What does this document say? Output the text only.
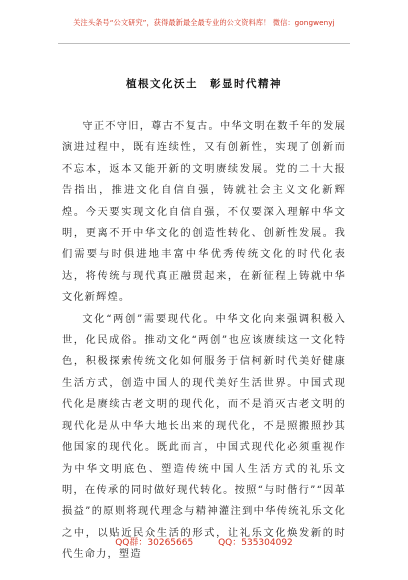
关注头条号“公文研究”，获得最新最全最专业的公文资料库！ 微信：gongwenyj
植根文化沃土　彰显时代精神

守正不守旧，尊古不复古。中华文明在数千年的发展演进过程中，既有连续性，又有创新性，实现了创新而不忘本，返本又能开新的文明赓续发展。党的二十大报告指出，推进文化自信自强，铸就社会主义文化新辉煌。今天要实现文化自信自强，不仅要深入理解中华文明，更离不开中华文化的创造性转化、创新性发展。我们需要与时俱进地丰富中华优秀传统文化的时代化表达，将传统与现代真正融贯起来，在新征程上铸就中华文化新辉煌。

文化“两创”需要现代化。中华文化向来强调积极入世，化民成俗。推动文化“两创”也应该赓续这一文化特色，积极探索传统文化如何服务于信柯新时代美好健康生活方式，创造中国人的现代美好生活世界。中国式现代化是赓续古老文明的现代化，而不是消灭古老文明的现代化是从中华大地长出来的现代化，不是照搬照抄其他国家的现代化。既此而言，中国式现代化必须重视作为中华文明底色、塑造传统中国人生活方式的礼乐文明，在传承的同时做好现代转化。按照“与时偕行”“因革损益”的原则将现代理念与精神灌注到中华传统礼乐文化之中，以贴近民众生活的形式，让礼乐文化焕发新的时代生命力，塑造

QQ群：30265665	QQ：535304092
